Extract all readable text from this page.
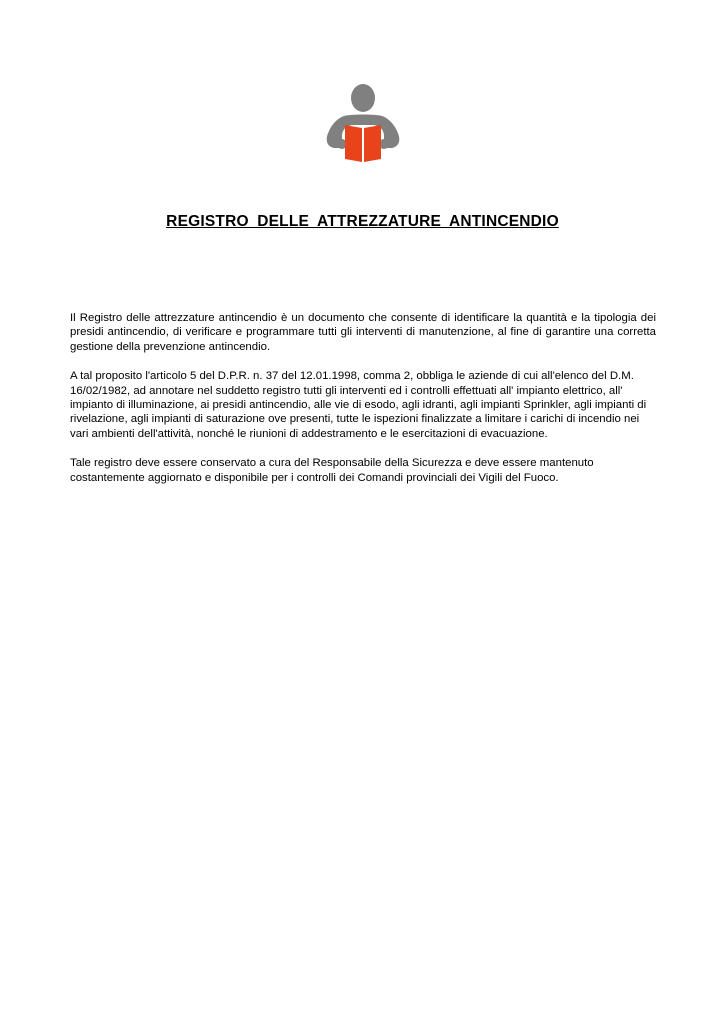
REGISTRO DELLE ATTREZZATURE ANTINCENDIO

Il Registro delle attrezzature antincendio è un documento che consente di identificare la quantità e la tipologia dei presidi antincendio, di verificare e programmare tutti gli interventi di manutenzione, al fine di garantire una corretta gestione della prevenzione antincendio.

A tal proposito l'articolo 5 del D.P.R. n. 37 del 12.01.1998, comma 2, obbliga le aziende di cui all'elenco del D.M. 16/02/1982, ad annotare nel suddetto registro tutti gli interventi ed i controlli effettuati all' impianto elettrico, all' impianto di illuminazione, ai presidi antincendio, alle vie di esodo, agli idranti, agli impianti Sprinkler, agli impianti di rivelazione, agli impianti di saturazione ove presenti, tutte le ispezioni finalizzate a limitare i carichi di incendio nei vari ambienti dell'attività, nonché le riunioni di addestramento e le esercitazioni di evacuazione.

Tale registro deve essere conservato a cura del Responsabile della Sicurezza e deve essere mantenuto costantemente aggiornato e disponibile per i controlli dei Comandi provinciali dei Vigili del Fuoco.
